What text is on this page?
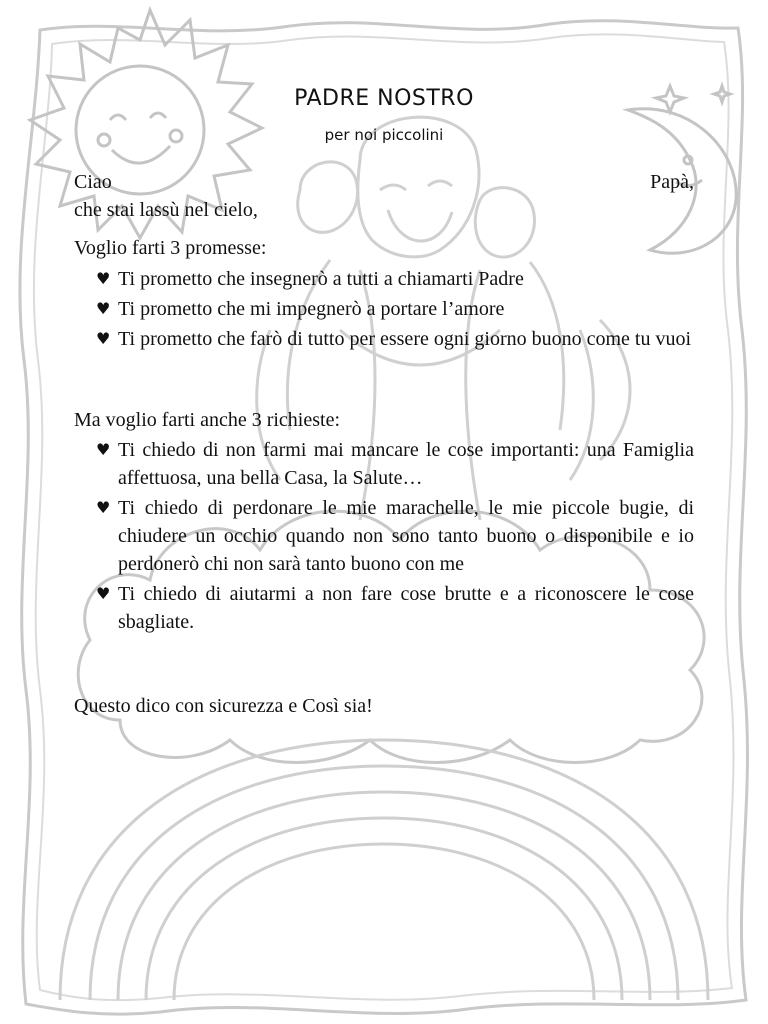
PADRE NOSTRO
per noi piccolini
Ciao	Papà,
che stai lassù nel cielo,
Voglio farti 3 promesse:
♥ Ti prometto che insegnerò a tutti a chiamarti Padre
♥ Ti prometto che mi impegnerò a portare l’amore
♥ Ti prometto che farò di tutto per essere ogni giorno buono come tu vuoi
Ma voglio farti anche 3 richieste:
♥ Ti chiedo di non farmi mai mancare le cose importanti: una Famiglia affettuosa, una bella Casa, la Salute…
♥ Ti chiedo di perdonare le mie marachelle, le mie piccole bugie, di chiudere un occhio quando non sono tanto buono o disponibile e io perdonerò chi non sarà tanto buono con me
♥ Ti chiedo di aiutarmi a non fare cose brutte e a riconoscere le cose sbagliate.
Questo dico con sicurezza e Così sia!
